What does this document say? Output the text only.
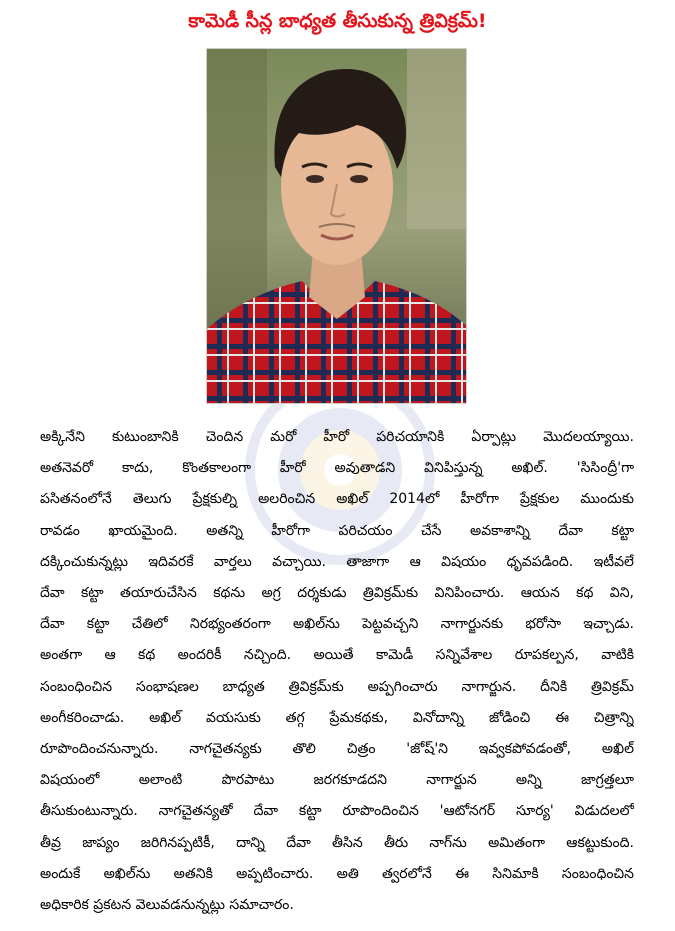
కామెడీ సీన్ల బాధ్యత తీసుకున్న త్రివిక్రమ్!
అక్కినేని కుటుంబానికి చెందిన మరో హీరో పరిచయానికి ఏర్పాట్లు మొదలయ్యాయి.
అతనెవరో కాదు, కొంతకాలంగా హీరో అవుతాడని వినిపిస్తున్న అఖిల్. 'సిసింద్రీ'గా
పసితనంలోనే తెలుగు ప్రేక్షకుల్ని అలరించిన అఖిల్ 2014లో హీరోగా ప్రేక్షకుల ముందుకు
రావడం ఖాయమైంది. అతన్ని హీరోగా పరిచయం చేసే అవకాశాన్ని దేవా కట్టా
దక్కించుకున్నట్లు ఇదివరకే వార్తలు వచ్చాయి. తాజాగా ఆ విషయం ధృవపడింది. ఇటీవలే
దేవా కట్టా తయారుచేసిన కథను అగ్ర దర్శకుడు త్రివిక్రమ్‌కు వినిపించారు. ఆయన కథ విని,
దేవా కట్టా చేతిలో నిరభ్యంతరంగా అఖిల్‌ను పెట్టవచ్చని నాగార్జునకు భరోసా ఇచ్చాడు.
అంతగా ఆ కథ అందరికీ నచ్చింది. అయితే కామెడీ సన్నివేశాల రూపకల్పన, వాటికి
సంబంధించిన సంభాషణల బాధ్యత త్రివిక్రమ్‌కు అప్పగించారు నాగార్జున. దీనికి త్రివిక్రమ్
అంగీకరించాడు. అఖిల్ వయసుకు తగ్గ ప్రేమకథకు, వినోదాన్ని జోడించి ఈ చిత్రాన్ని
రూపొందించనున్నారు. నాగచైతన్యకు తొలి చిత్రం 'జోష్'ని ఇవ్వకపోవడంతో, అఖిల్
విషయంలో అలాంటి పొరపాటు జరగకూడదని నాగార్జున అన్ని జాగ్రత్తలూ
తీసుకుంటున్నారు. నాగచైతన్యతో దేవా కట్టా రూపొందించిన 'ఆటోనగర్ సూర్య' విడుదలలో
తీవ్ర జాప్యం జరిగినప్పటికీ, దాన్ని దేవా తీసిన తీరు నాగ్‌ను అమితంగా ఆకట్టుకుంది.
అందుకే అఖిల్‌ను అతనికి అప్పటించారు. అతి త్వరలోనే ఈ సినిమాకి సంబంధించిన
అధికారిక ప్రకటన వెలువడనున్నట్లు సమాచారం.
